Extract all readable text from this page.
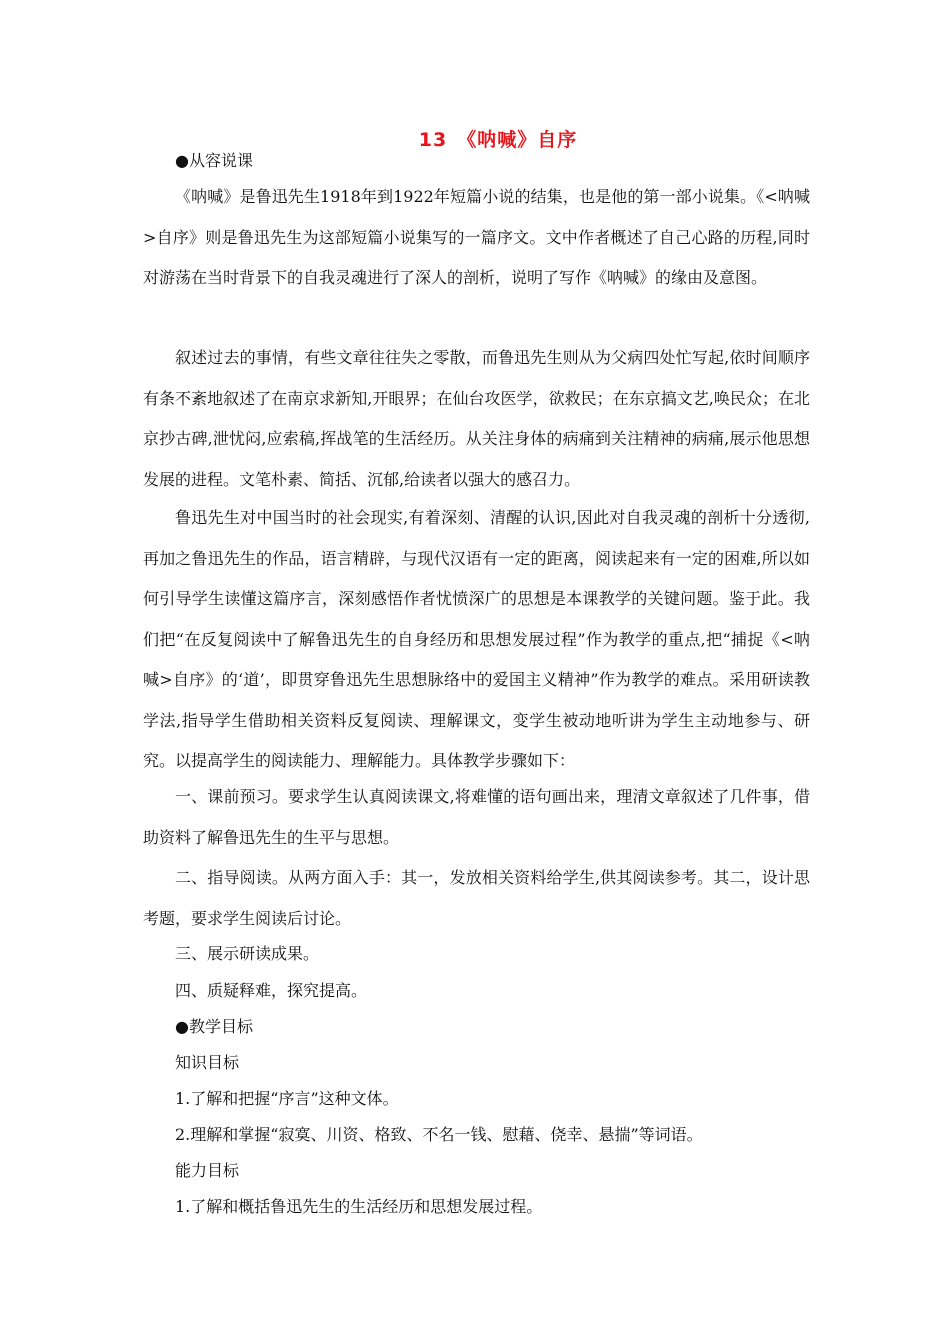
13 《呐喊》自序
●从容说课
《呐喊》是鲁迅先生1918年到1922年短篇小说的结集，也是他的第一部小说集。《<呐喊>自序》则是鲁迅先生为这部短篇小说集写的一篇序文。文中作者概述了自己心路的历程,同时对游荡在当时背景下的自我灵魂进行了深人的剖析，说明了写作《呐喊》的缘由及意图。
叙述过去的事情，有些文章往往失之零散，而鲁迅先生则从为父病四处忙写起,依时间顺序有条不紊地叙述了在南京求新知,开眼界；在仙台攻医学，欲救民；在东京搞文艺,唤民众；在北京抄古碑,泄忧闷,应索稿,挥战笔的生活经历。从关注身体的病痛到关注精神的病痛,展示他思想发展的进程。文笔朴素、简括、沉郁,给读者以强大的感召力。
鲁迅先生对中国当时的社会现实,有着深刻、清醒的认识,因此对自我灵魂的剖析十分透彻,再加之鲁迅先生的作品，语言精辟，与现代汉语有一定的距离，阅读起来有一定的困难,所以如何引导学生读懂这篇序言，深刻感悟作者忧愤深广的思想是本课教学的关键问题。鉴于此。我们把“在反复阅读中了解鲁迅先生的自身经历和思想发展过程”作为教学的重点,把“捕捉《<呐喊>自序》的‘道’，即贯穿鲁迅先生思想脉络中的爱国主义精神”作为教学的难点。采用研读教学法,指导学生借助相关资料反复阅读、理解课文，变学生被动地听讲为学生主动地参与、研究。以提高学生的阅读能力、理解能力。具体教学步骤如下：
一、课前预习。要求学生认真阅读课文,将难懂的语句画出来，理清文章叙述了几件事，借助资料了解鲁迅先生的生平与思想。
二、指导阅读。从两方面入手：其一，发放相关资料给学生,供其阅读参考。其二，设计思考题，要求学生阅读后讨论。
三、展示研读成果。
四、质疑释难，探究提高。
●教学目标
知识目标
1.了解和把握“序言”这种文体。
2.理解和掌握“寂寞、川资、格致、不名一钱、慰藉、侥幸、悬揣”等词语。
能力目标
1.了解和概括鲁迅先生的生活经历和思想发展过程。
